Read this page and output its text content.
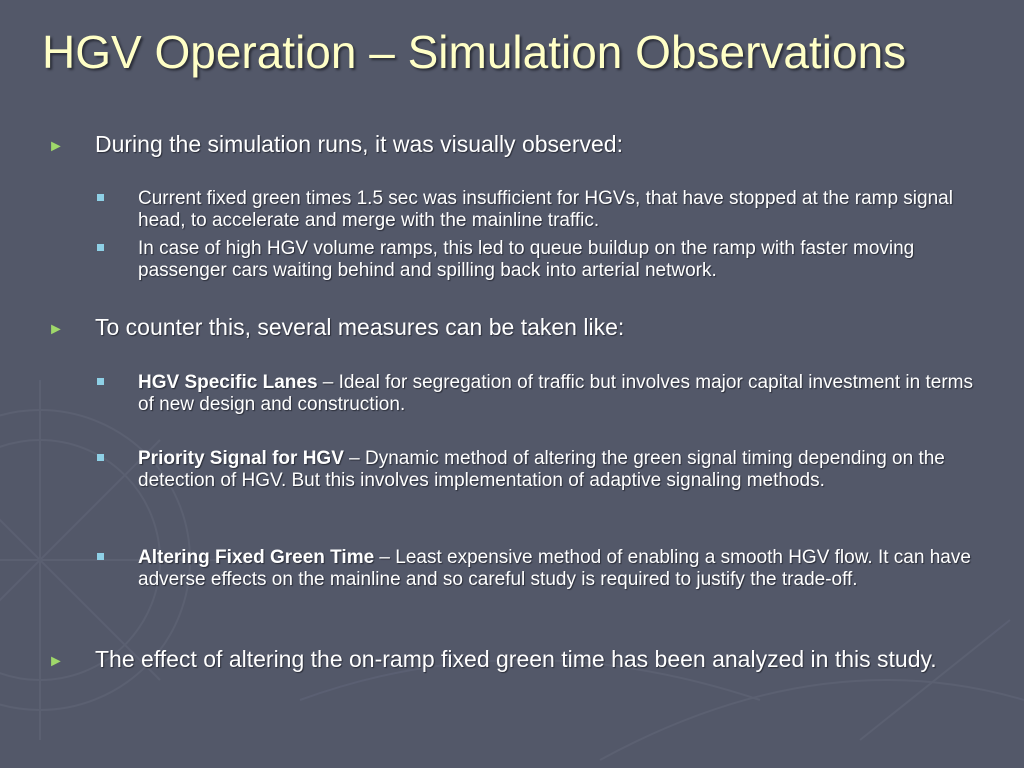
HGV Operation – Simulation Observations
► During the simulation runs, it was visually observed:
Current fixed green times 1.5 sec was insufficient for HGVs, that have stopped at the ramp signal head, to accelerate and merge with the mainline traffic.
In case of high HGV volume ramps, this led to queue buildup on the ramp with faster moving passenger cars waiting behind and spilling back into arterial network.
► To counter this, several measures can be taken like:
HGV Specific Lanes – Ideal for segregation of traffic but involves major capital investment in terms of new design and construction.
Priority Signal for HGV – Dynamic method of altering the green signal timing depending on the detection of HGV. But this involves implementation of adaptive signaling methods.
Altering Fixed Green Time – Least expensive method of enabling a smooth HGV flow. It can have adverse effects on the mainline and so careful study is required to justify the trade-off.
► The effect of altering the on-ramp fixed green time has been analyzed in this study.
